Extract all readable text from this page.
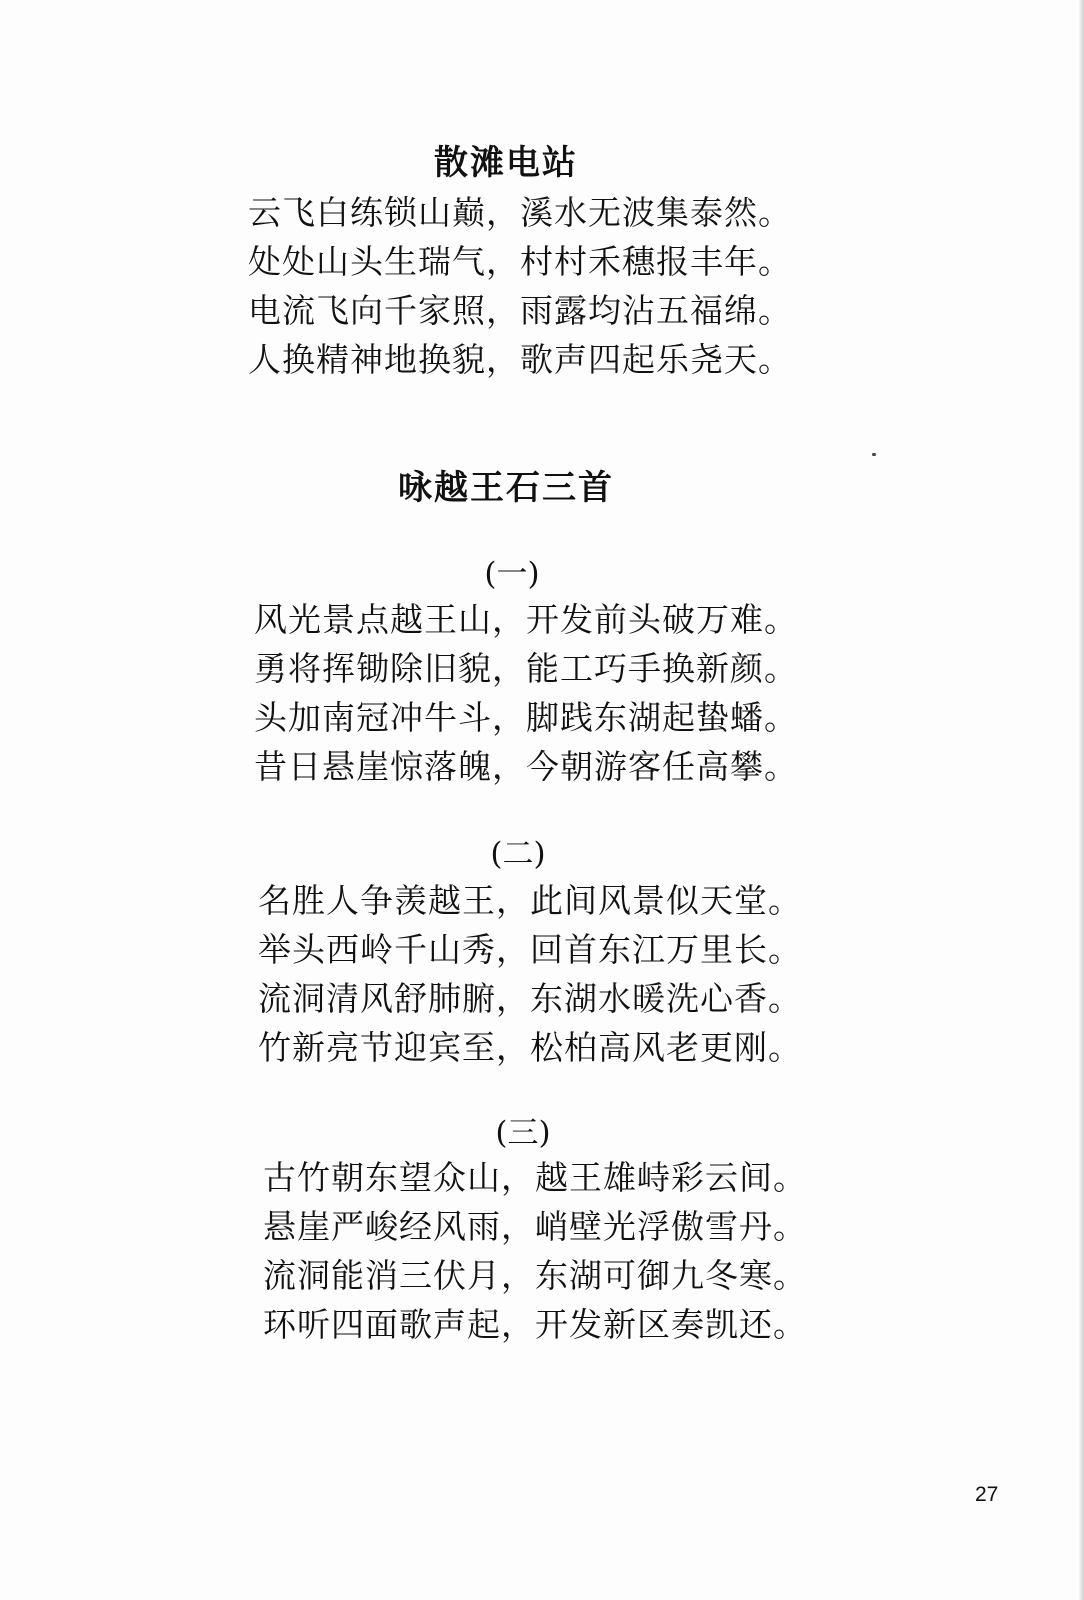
散滩电站
云飞白练锁山巅，溪水无波集泰然。
处处山头生瑞气，村村禾穗报丰年。
电流飞向千家照，雨露均沾五福绵。
人换精神地换貌，歌声四起乐尧天。
咏越王石三首

(一)

风光景点越王山，开发前头破万难。
勇将挥锄除旧貌，能工巧手换新颜。
头加南冠冲牛斗，脚践东湖起蛰蟠。
昔日悬崖惊落魄，今朝游客任高攀。

(二)

名胜人争羡越王，此间风景似天堂。
举头西岭千山秀，回首东江万里长。
流洞清风舒肺腑，东湖水暖洗心香。
竹新亮节迎宾至，松柏高风老更刚。

(三)

古竹朝东望众山，越王雄峙彩云间。
悬崖严峻经风雨，峭壁光浮傲雪丹。
流洞能消三伏月，东湖可御九冬寒。
环听四面歌声起，开发新区奏凯还。
27
